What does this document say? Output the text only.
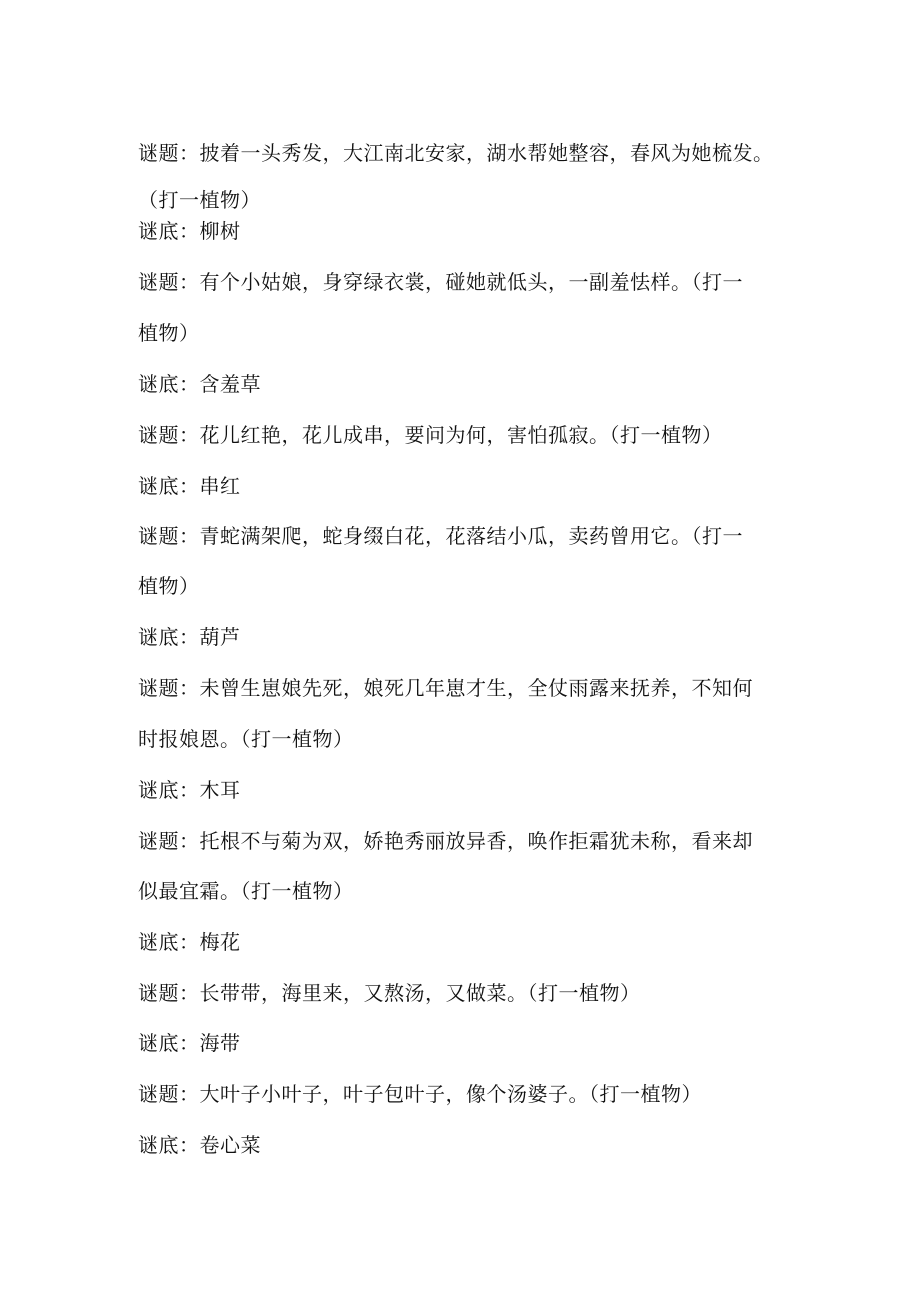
谜题：披着一头秀发，大江南北安家，湖水帮她整容，春风为她梳发。
（打一植物）
谜底：柳树
谜题：有个小姑娘，身穿绿衣裳，碰她就低头，一副羞怯样。（打一
植物）
谜底：含羞草
谜题：花儿红艳，花儿成串，要问为何，害怕孤寂。（打一植物）
谜底：串红
谜题：青蛇满架爬，蛇身缀白花，花落结小瓜，卖药曾用它。（打一
植物）
谜底：葫芦
谜题：未曾生崽娘先死，娘死几年崽才生，全仗雨露来抚养，不知何
时报娘恩。（打一植物）
谜底：木耳
谜题：托根不与菊为双，娇艳秀丽放异香，唤作拒霜犹未称，看来却
似最宜霜。（打一植物）
谜底：梅花
谜题：长带带，海里来，又熬汤，又做菜。（打一植物）
谜底：海带
谜题：大叶子小叶子，叶子包叶子，像个汤婆子。（打一植物）
谜底：卷心菜
